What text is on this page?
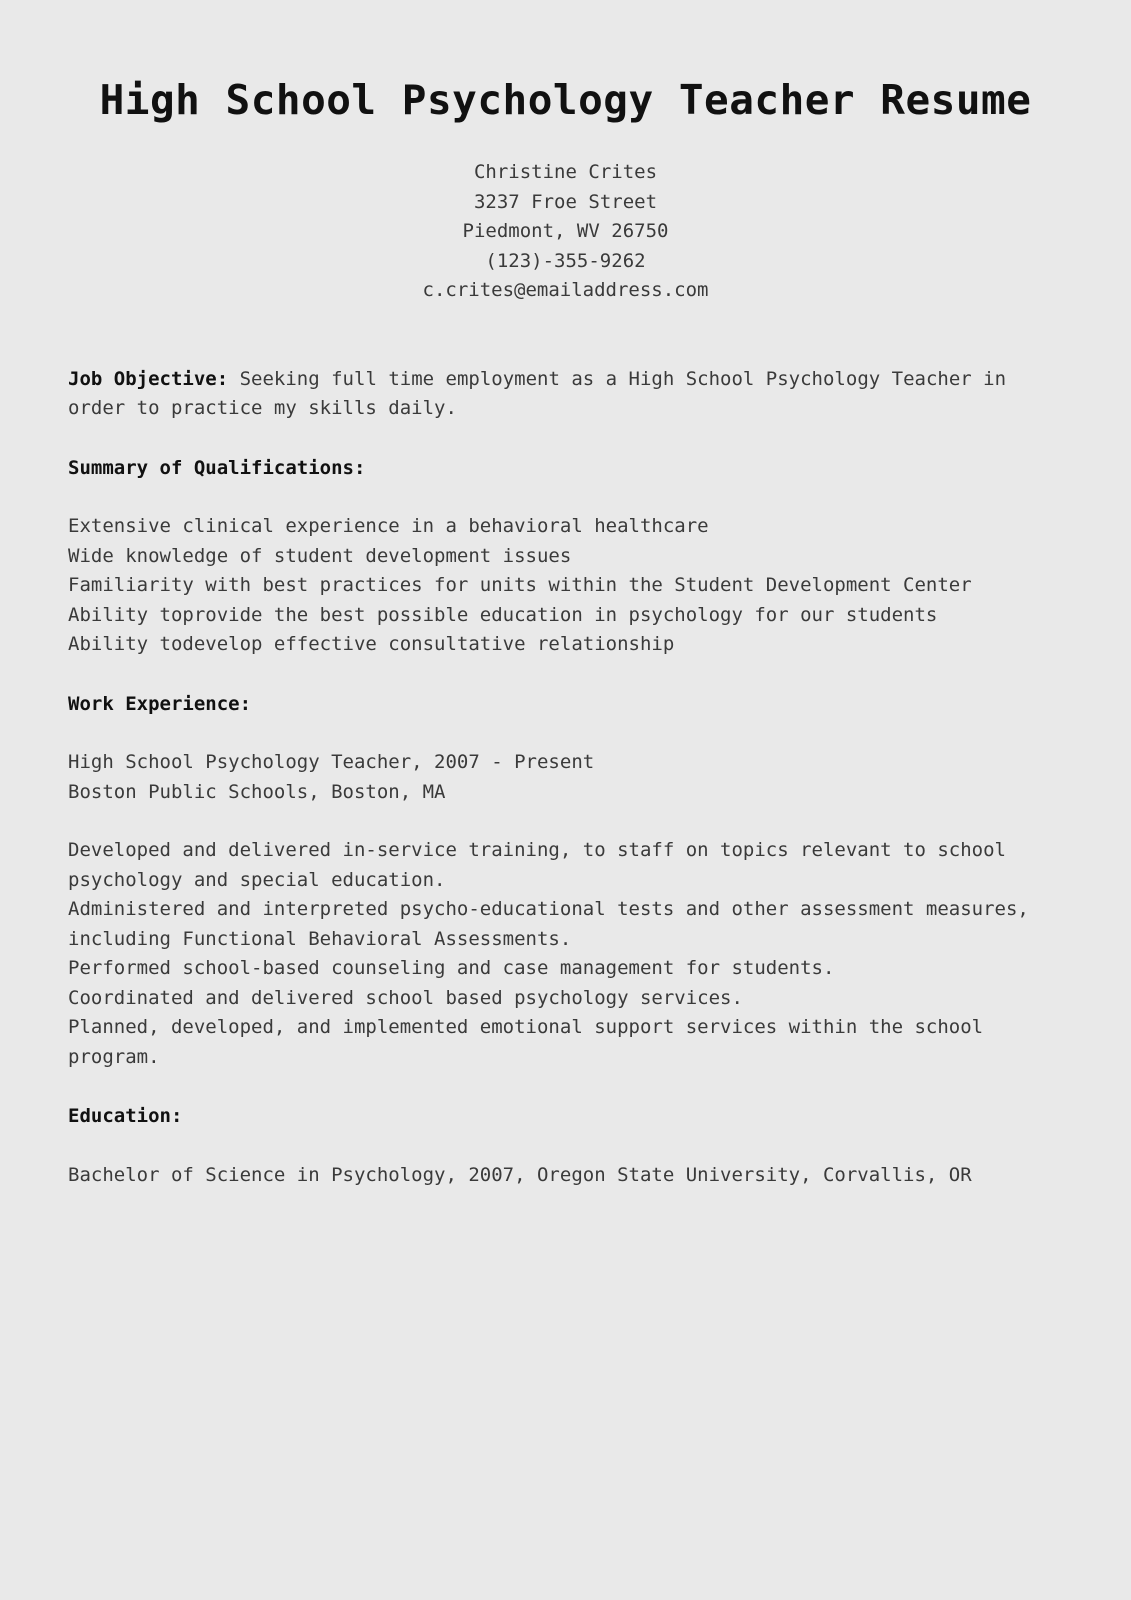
High School Psychology Teacher Resume
Christine Crites
3237 Froe Street
Piedmont, WV 26750
(123)-355-9262
c.crites@emailaddress.com
Job Objective: Seeking full time employment as a High School Psychology Teacher in order to practice my skills daily.
Summary of Qualifications:
Extensive clinical experience in a behavioral healthcare
Wide knowledge of student development issues
Familiarity with best practices for units within the Student Development Center
Ability toprovide the best possible education in psychology for our students
Ability todevelop effective consultative relationship
Work Experience:
High School Psychology Teacher, 2007 - Present
Boston Public Schools, Boston, MA
Developed and delivered in-service training, to staff on topics relevant to school psychology and special education.
Administered and interpreted psycho-educational tests and other assessment measures, including Functional Behavioral Assessments.
Performed school-based counseling and case management for students.
Coordinated and delivered school based psychology services.
Planned, developed, and implemented emotional support services within the school program.
Education:
Bachelor of Science in Psychology, 2007, Oregon State University, Corvallis, OR
